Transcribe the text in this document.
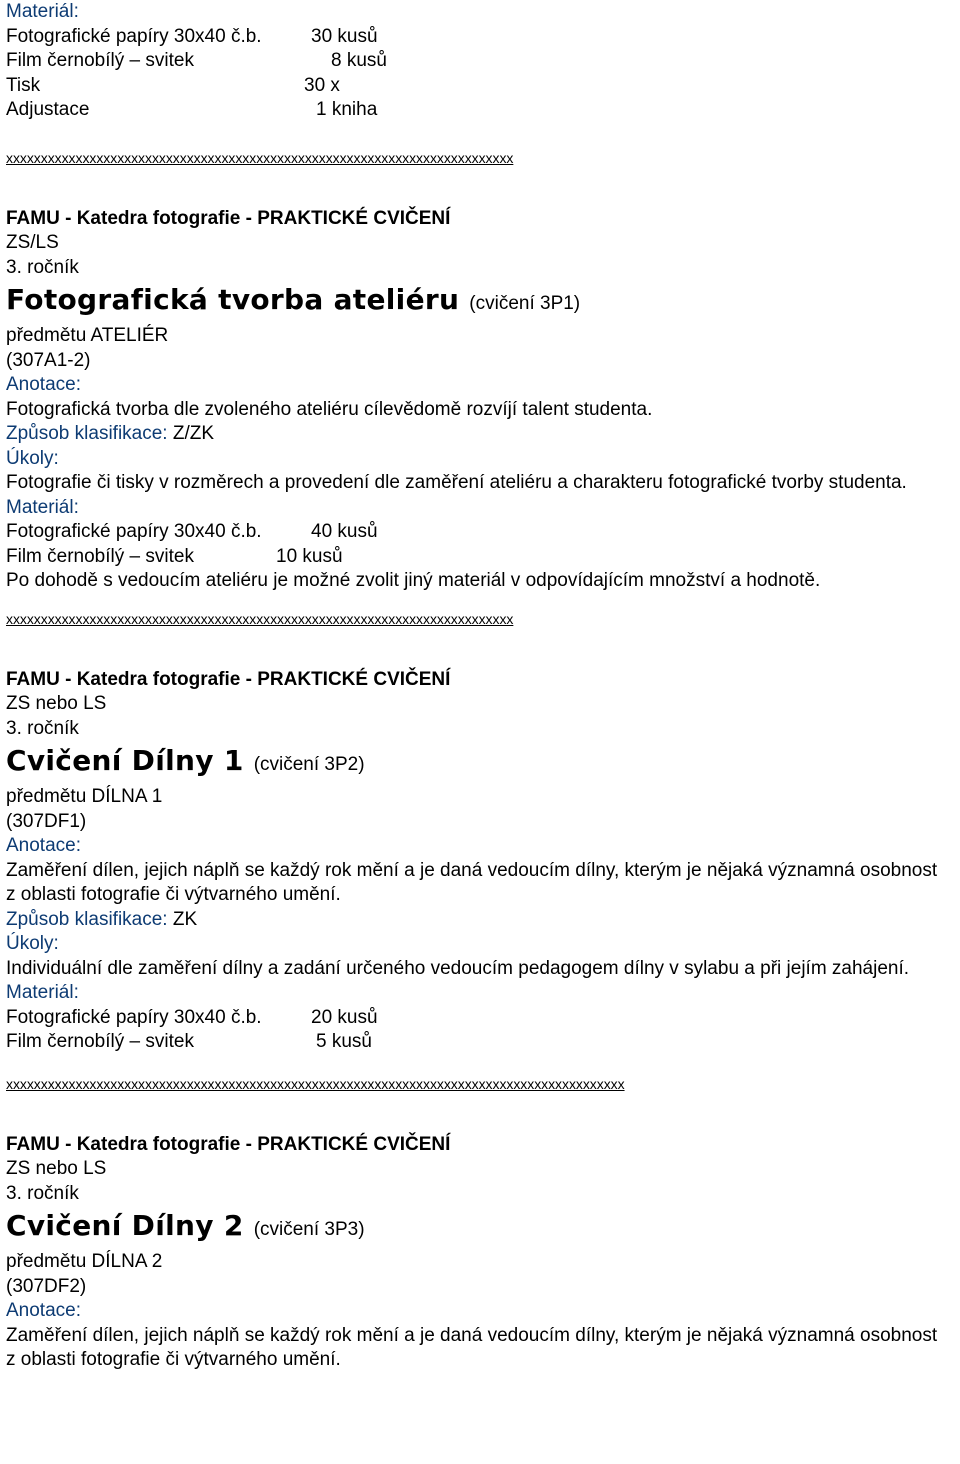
Materiál:
Fotografické papíry 30x40 č.b.	30 kusů
Film černobílý – svitek	8 kusů
Tisk	30 x
Adjustace	1 kniha
xxxxxxxxxxxxxxxxxxxxxxxxxxxxxxxxxxxxxxxxxxxxxxxxxxxxxxxxxxxxxxxxxxxxxxxxx
FAMU - Katedra fotografie - PRAKTICKÉ CVIČENÍ
ZS/LS
3. ročník
Fotografická tvorba ateliéru (cvičení 3P1)
předmětu ATELIÉR
(307A1-2)
Anotace:
Fotografická tvorba dle zvoleného ateliéru cílevědomě rozvíjí talent studenta.
Způsob klasifikace: Z/ZK
Úkoly:
Fotografie či tisky v rozměrech a provedení dle zaměření ateliéru a charakteru fotografické tvorby studenta.
Materiál:
Fotografické papíry 30x40 č.b.	40 kusů
Film černobílý – svitek	10 kusů
Po dohodě s vedoucím ateliéru je možné zvolit jiný materiál v odpovídajícím množství a hodnotě.
xxxxxxxxxxxxxxxxxxxxxxxxxxxxxxxxxxxxxxxxxxxxxxxxxxxxxxxxxxxxxxxxxxxxxxxxx
FAMU - Katedra fotografie - PRAKTICKÉ CVIČENÍ
ZS nebo LS
3. ročník
Cvičení Dílny 1 (cvičení 3P2)
předmětu DÍLNA 1
(307DF1)
Anotace:
Zaměření dílen, jejich náplň se každý rok mění a je daná vedoucím dílny, kterým je nějaká významná osobnost z oblasti fotografie či výtvarného umění.
Způsob klasifikace: ZK
Úkoly:
Individuální dle zaměření dílny a zadání určeného vedoucím pedagogem dílny v sylabu a při jejím zahájení.
Materiál:
Fotografické papíry 30x40 č.b.	20 kusů
Film černobílý – svitek	5 kusů
xxxxxxxxxxxxxxxxxxxxxxxxxxxxxxxxxxxxxxxxxxxxxxxxxxxxxxxxxxxxxxxxxxxxxxxxxxxxxxxxxxxxxxxxx
FAMU - Katedra fotografie - PRAKTICKÉ CVIČENÍ
ZS nebo LS
3. ročník
Cvičení Dílny 2 (cvičení 3P3)
předmětu DÍLNA 2
(307DF2)
Anotace:
Zaměření dílen, jejich náplň se každý rok mění a je daná vedoucím dílny, kterým je nějaká významná osobnost z oblasti fotografie či výtvarného umění.
